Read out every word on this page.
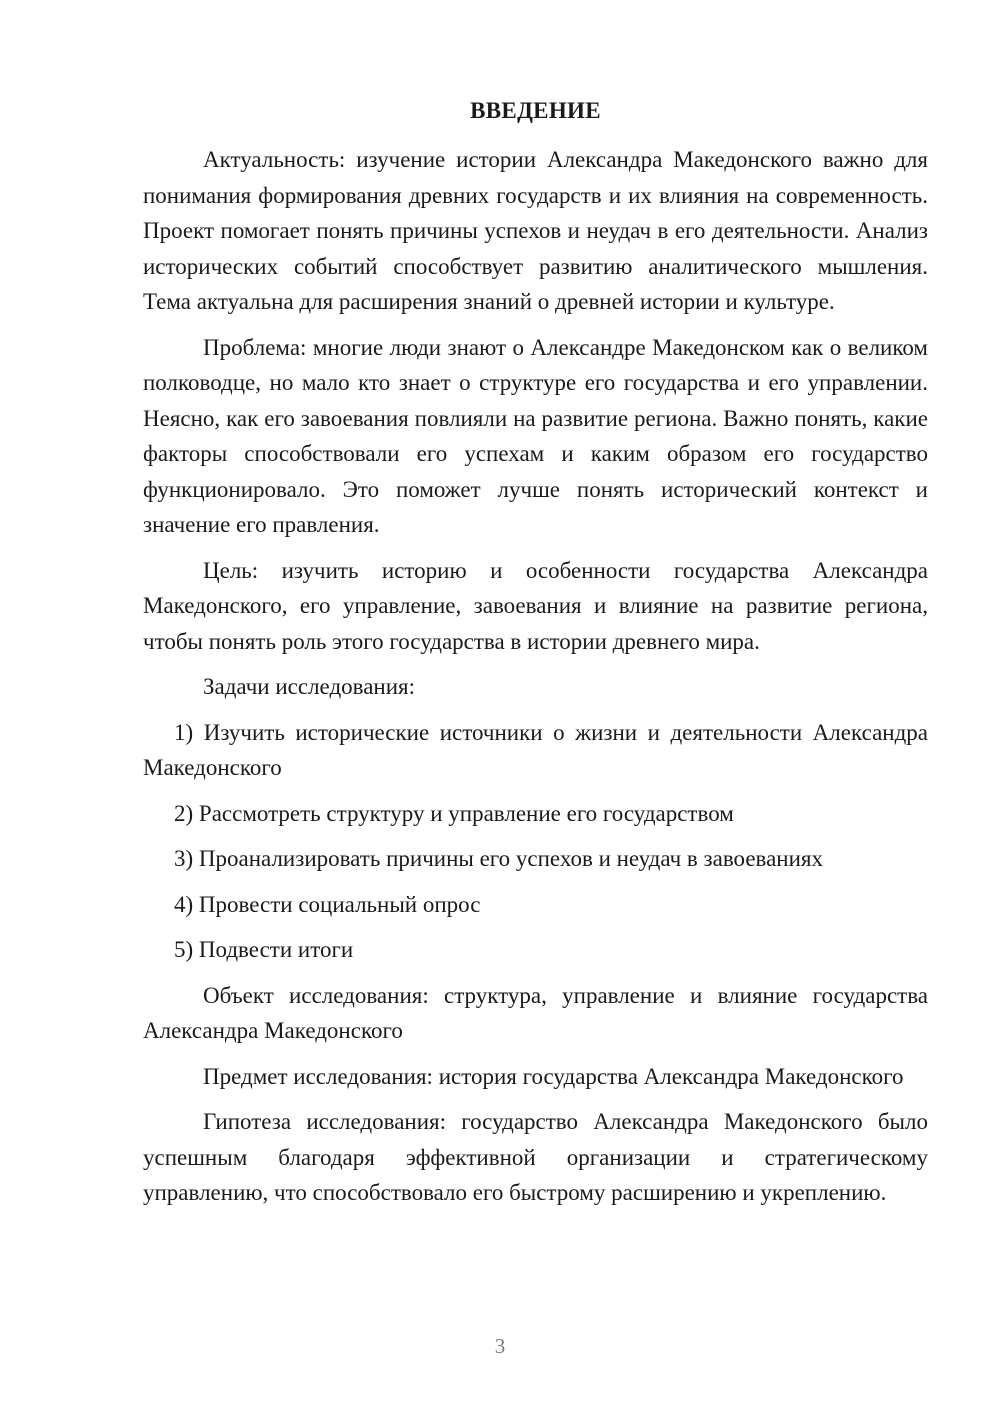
ВВЕДЕНИЕ

Актуальность: изучение истории Александра Македонского важно для понимания формирования древних государств и их влияния на современность. Проект помогает понять причины успехов и неудач в его деятельности. Анализ исторических событий способствует развитию аналитического мышления. Тема актуальна для расширения знаний о древней истории и культуре.

Проблема: многие люди знают о Александре Македонском как о великом полководце, но мало кто знает о структуре его государства и его управлении. Неясно, как его завоевания повлияли на развитие региона. Важно понять, какие факторы способствовали его успехам и каким образом его государство функционировало. Это поможет лучше понять исторический контекст и значение его правления.

Цель: изучить историю и особенности государства Александра Македонского, его управление, завоевания и влияние на развитие региона, чтобы понять роль этого государства в истории древнего мира.

Задачи исследования:

1) Изучить исторические источники о жизни и деятельности Александра Македонского

2) Рассмотреть структуру и управление его государством

3) Проанализировать причины его успехов и неудач в завоеваниях

4) Провести социальный опрос

5) Подвести итоги

Объект исследования: структура, управление и влияние государства Александра Македонского

Предмет исследования: история государства Александра Македонского

Гипотеза исследования: государство Александра Македонского было успешным благодаря эффективной организации и стратегическому управлению, что способствовало его быстрому расширению и укреплению.

3
